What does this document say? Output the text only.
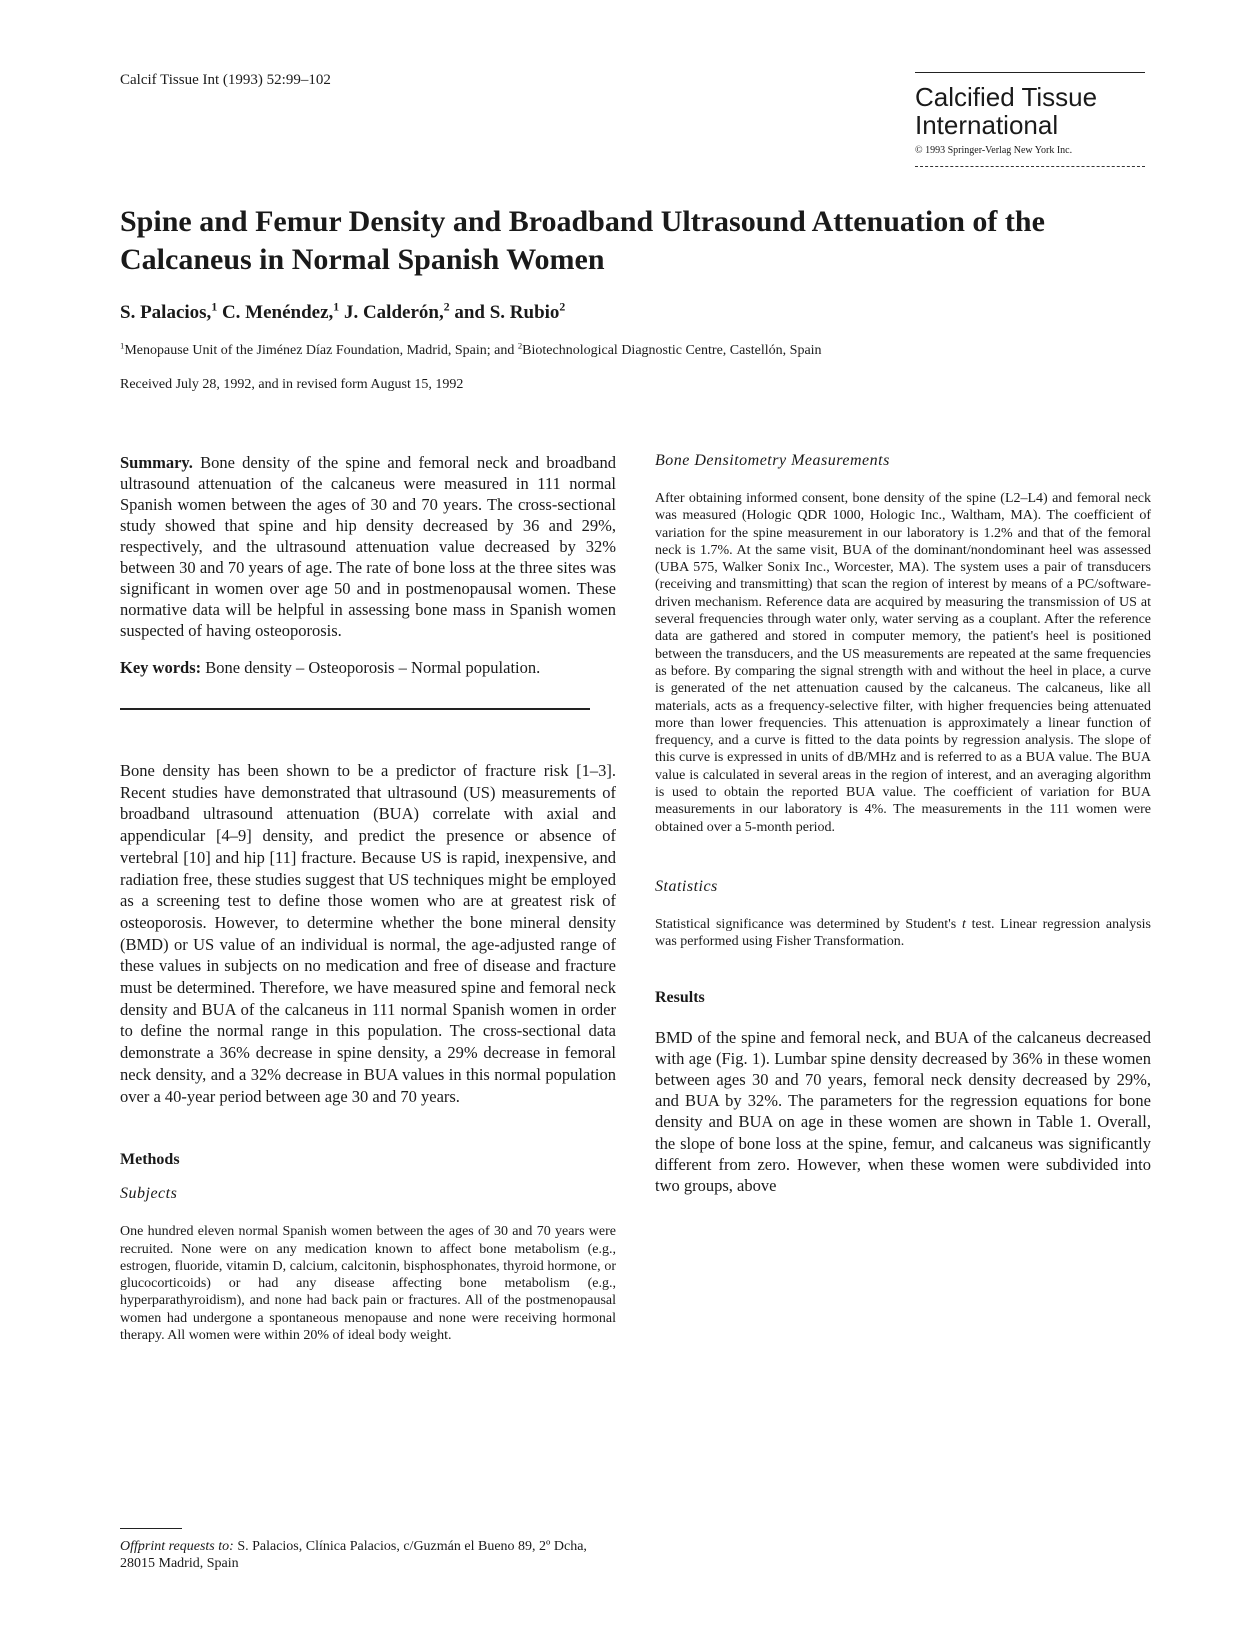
Calcif Tissue Int (1993) 52:99–102
Calcified Tissue
International
© 1993 Springer-Verlag New York Inc.
Spine and Femur Density and Broadband Ultrasound Attenuation of the Calcaneus in Normal Spanish Women
S. Palacios,$^1$ C. Menéndez,$^1$ J. Calderón,$^2$ and S. Rubio$^2$
$^1$Menopause Unit of the Jiménez Díaz Foundation, Madrid, Spain; and $^2$Biotechnological Diagnostic Centre, Castellón, Spain
Received July 28, 1992, and in revised form August 15, 1992

Summary. Bone density of the spine and femoral neck and broadband ultrasound attenuation of the calcaneus were measured in 111 normal Spanish women between the ages of 30 and 70 years. The cross-sectional study showed that spine and hip density decreased by 36 and 29%, respectively, and the ultrasound attenuation value decreased by 32% between 30 and 70 years of age. The rate of bone loss at the three sites was significant in women over age 50 and in postmenopausal women. These normative data will be helpful in assessing bone mass in Spanish women suspected of having osteoporosis.

Key words: Bone density – Osteoporosis – Normal population.

Bone density has been shown to be a predictor of fracture risk [1–3]. Recent studies have demonstrated that ultrasound (US) measurements of broadband ultrasound attenuation (BUA) correlate with axial and appendicular [4–9] density, and predict the presence or absence of vertebral [10] and hip [11] fracture. Because US is rapid, inexpensive, and radiation free, these studies suggest that US techniques might be employed as a screening test to define those women who are at greatest risk of osteoporosis. However, to determine whether the bone mineral density (BMD) or US value of an individual is normal, the age-adjusted range of these values in subjects on no medication and free of disease and fracture must be determined. Therefore, we have measured spine and femoral neck density and BUA of the calcaneus in 111 normal Spanish women in order to define the normal range in this population. The cross-sectional data demonstrate a 36% decrease in spine density, a 29% decrease in femoral neck density, and a 32% decrease in BUA values in this normal population over a 40-year period between age 30 and 70 years.

Methods
Subjects

One hundred eleven normal Spanish women between the ages of 30 and 70 years were recruited. None were on any medication known to affect bone metabolism (e.g., estrogen, fluoride, vitamin D, calcium, calcitonin, bisphosphonates, thyroid hormone, or glucocorticoids) or had any disease affecting bone metabolism (e.g., hyperparathyroidism), and none had back pain or fractures. All of the postmenopausal women had undergone a spontaneous menopause and none were receiving hormonal therapy. All women were within 20% of ideal body weight.

Bone Densitometry Measurements

After obtaining informed consent, bone density of the spine (L2–L4) and femoral neck was measured (Hologic QDR 1000, Hologic Inc., Waltham, MA). The coefficient of variation for the spine measurement in our laboratory is 1.2% and that of the femoral neck is 1.7%. At the same visit, BUA of the dominant/nondominant heel was assessed (UBA 575, Walker Sonix Inc., Worcester, MA). The system uses a pair of transducers (receiving and transmitting) that scan the region of interest by means of a PC/software-driven mechanism. Reference data are acquired by measuring the transmission of US at several frequencies through water only, water serving as a couplant. After the reference data are gathered and stored in computer memory, the patient's heel is positioned between the transducers, and the US measurements are repeated at the same frequencies as before. By comparing the signal strength with and without the heel in place, a curve is generated of the net attenuation caused by the calcaneus. The calcaneus, like all materials, acts as a frequency-selective filter, with higher frequencies being attenuated more than lower frequencies. This attenuation is approximately a linear function of frequency, and a curve is fitted to the data points by regression analysis. The slope of this curve is expressed in units of dB/MHz and is referred to as a BUA value. The BUA value is calculated in several areas in the region of interest, and an averaging algorithm is used to obtain the reported BUA value. The coefficient of variation for BUA measurements in our laboratory is 4%. The measurements in the 111 women were obtained over a 5-month period.

Statistics

Statistical significance was determined by Student's t test. Linear regression analysis was performed using Fisher Transformation.

Results

BMD of the spine and femoral neck, and BUA of the calcaneus decreased with age (Fig. 1). Lumbar spine density decreased by 36% in these women between ages 30 and 70 years, femoral neck density decreased by 29%, and BUA by 32%. The parameters for the regression equations for bone density and BUA on age in these women are shown in Table 1. Overall, the slope of bone loss at the spine, femur, and calcaneus was significantly different from zero. However, when these women were subdivided into two groups, above

Offprint requests to: S. Palacios, Clínica Palacios, c/Guzmán el Bueno 89, 2º Dcha, 28015 Madrid, Spain
